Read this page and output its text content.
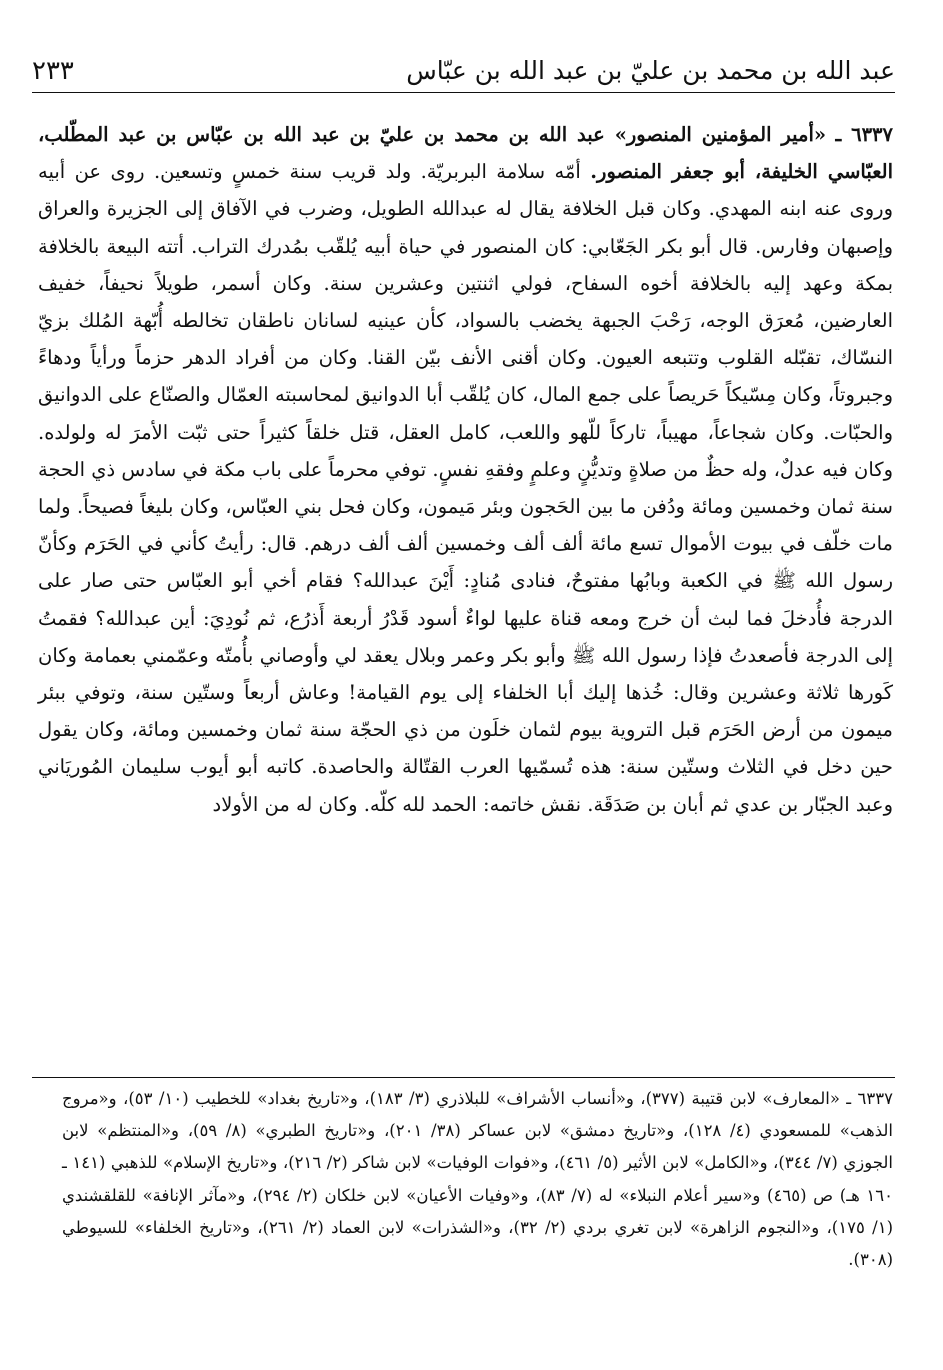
عبد الله بن محمد بن عليّ بن عبد الله بن عبّاس
٢٣٣
٦٣٣٧ ـ «أمير المؤمنين المنصور» عبد الله بن محمد بن عليّ بن عبد الله بن عبّاس بن عبد المطّلب، العبّاسي الخليفة، أبو جعفر المنصور. أمّه سلامة البربريّة. ولد قريب سنة خمسٍ وتسعين. روى عن أبيه وروى عنه ابنه المهدي. وكان قبل الخلافة يقال له عبدالله الطويل، وضرب في الآفاق إلى الجزيرة والعراق وإصبهان وفارس. قال أبو بكر الجَعّابي: كان المنصور في حياة أبيه يُلقّب بمُدرك التراب. أتته البيعة بالخلافة بمكة وعهد إليه بالخلافة أخوه السفاح، فولي اثنتين وعشرين سنة. وكان أسمر، طويلاً نحيفاً، خفيف العارضين، مُعرَق الوجه، رَحْبَ الجبهة يخضب بالسواد، كأن عينيه لسانان ناطقان تخالطه أُبّهة المُلك بزيّ النسّاك، تقبّله القلوب وتتبعه العيون. وكان أقنى الأنف بيّن القنا. وكان من أفراد الدهر حزماً ورأياً ودهاءً وجبروتاً، وكان مِسّيكاً حَريصاً على جمع المال، كان يُلقّب أبا الدوانيق لمحاسبته العمّال والصنّاع على الدوانيق والحبّات. وكان شجاعاً، مهيباً، تاركاً للّهو واللعب، كامل العقل، قتل خلقاً كثيراً حتى ثبّت الأمرَ له ولولده. وكان فيه عدلٌ، وله حظٌ من صلاةٍ وتديُّنٍ وعلمٍ وفقهِ نفسٍ. توفي محرماً على باب مكة في سادس ذي الحجة سنة ثمان وخمسين ومائة ودُفن ما بين الحَجون وبئر مَيمون، وكان فحل بني العبّاس، وكان بليغاً فصيحاً. ولما مات خلّف في بيوت الأموال تسع مائة ألف ألف وخمسين ألف ألف درهم. قال: رأيتُ كأني في الحَرَم وكأنّ رسول الله ﷺ في الكعبة وبابُها مفتوحٌ، فنادى مُنادٍ: أَيْنَ عبدالله؟ فقام أخي أبو العبّاس حتى صار على الدرجة فأُدخلَ فما لبث أن خرج ومعه قناة عليها لواءٌ أسود قَدْرُ أربعة أَذرُع، ثم نُودِيَ: أين عبدالله؟ فقمتُ إلى الدرجة فأصعدتُ فإذا رسول الله ﷺ وأبو بكر وعمر وبلال يعقد لي وأوصاني بأُمتّه وعمّمني بعمامة وكان كَورها ثلاثة وعشرين وقال: خُذها إليك أبا الخلفاء إلى يوم القيامة! وعاش أربعاً وستّين سنة، وتوفي ببئر ميمون من أرض الحَرَم قبل التروية بيوم لثمان خلَون من ذي الحجّة سنة ثمان وخمسين ومائة، وكان يقول حين دخل في الثلاث وستّين سنة: هذه تُسمّيها العرب القتّالة والحاصدة. كاتبه أبو أيوب سليمان المُوريَاني وعبد الجبّار بن عدي ثم أبان بن صَدَقَة. نقش خاتمه: الحمد لله كلّه. وكان له من الأولاد
٦٣٣٧ ـ «المعارف» لابن قتيبة (٣٧٧)، و«أنساب الأشراف» للبلاذري (٣/ ١٨٣)، و«تاريخ بغداد» للخطيب (١٠/ ٥٣)، و«مروج الذهب» للمسعودي (٤/ ١٢٨)، و«تاريخ دمشق» لابن عساكر (٣٨/ ٢٠١)، و«تاريخ الطبري» (٨/ ٥٩)، و«المنتظم» لابن الجوزي (٧/ ٣٤٤)، و«الكامل» لابن الأثير (٥/ ٤٦١)، و«فوات الوفيات» لابن شاكر (٢/ ٢١٦)، و«تاريخ الإسلام» للذهبي (١٤١ ـ ١٦٠ هـ) ص (٤٦٥) و«سير أعلام النبلاء» له (٧/ ٨٣)، و«وفيات الأعيان» لابن خلكان (٢/ ٢٩٤)، و«مآثر الإنافة» للقلقشندي (١/ ١٧٥)، و«النجوم الزاهرة» لابن تغري بردي (٢/ ٣٢)، و«الشذرات» لابن العماد (٢/ ٢٦١)، و«تاريخ الخلفاء» للسيوطي (٣٠٨).
